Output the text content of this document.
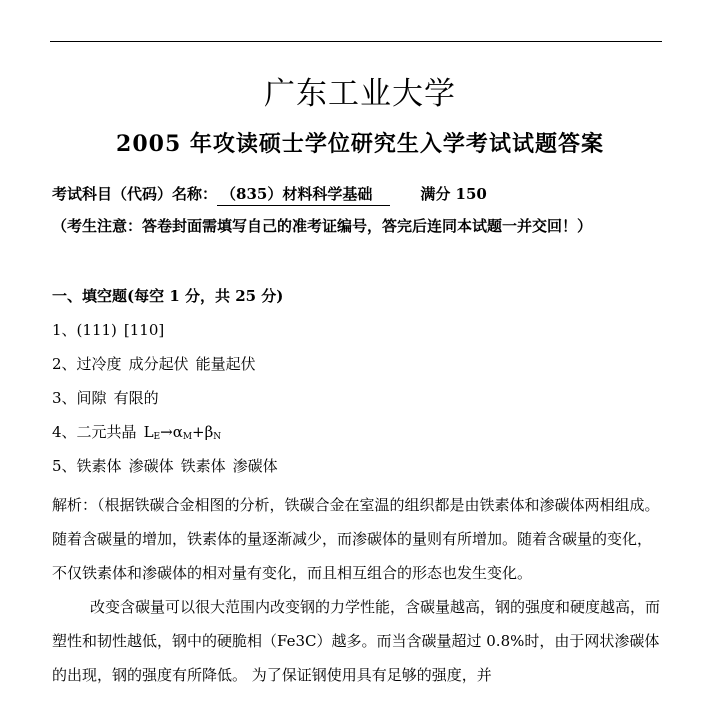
广东工业大学
2005 年攻读硕士学位研究生入学考试试题答案
考试科目（代码）名称： （835）材料科学基础	满分 150
（考生注意：答卷封面需填写自己的准考证编号，答完后连同本试题一并交回！）
一、填空题(每空 1 分，共 25 分)
1、(111) [110]
2、过冷度 成分起伏 能量起伏
3、间隙 有限的
4、二元共晶 $L_E\to\alpha_M+\beta_N$
5、铁素体 渗碳体 铁素体 渗碳体

解析：（根据铁碳合金相图的分析，铁碳合金在室温的组织都是由铁素体和渗碳体两相组成。随着含碳量的增加，铁素体的量逐渐减少，而渗碳体的量则有所增加。随着含碳量的变化，不仅铁素体和渗碳体的相对量有变化，而且相互组合的形态也发生变化。

改变含碳量可以很大范围内改变钢的力学性能，含碳量越高，钢的强度和硬度越高，而塑性和韧性越低，钢中的硬脆相（Fe3C）越多。而当含碳量超过 0.8%时，由于网状渗碳体的出现，钢的强度有所降低。 为了保证钢使用具有足够的强度，并
